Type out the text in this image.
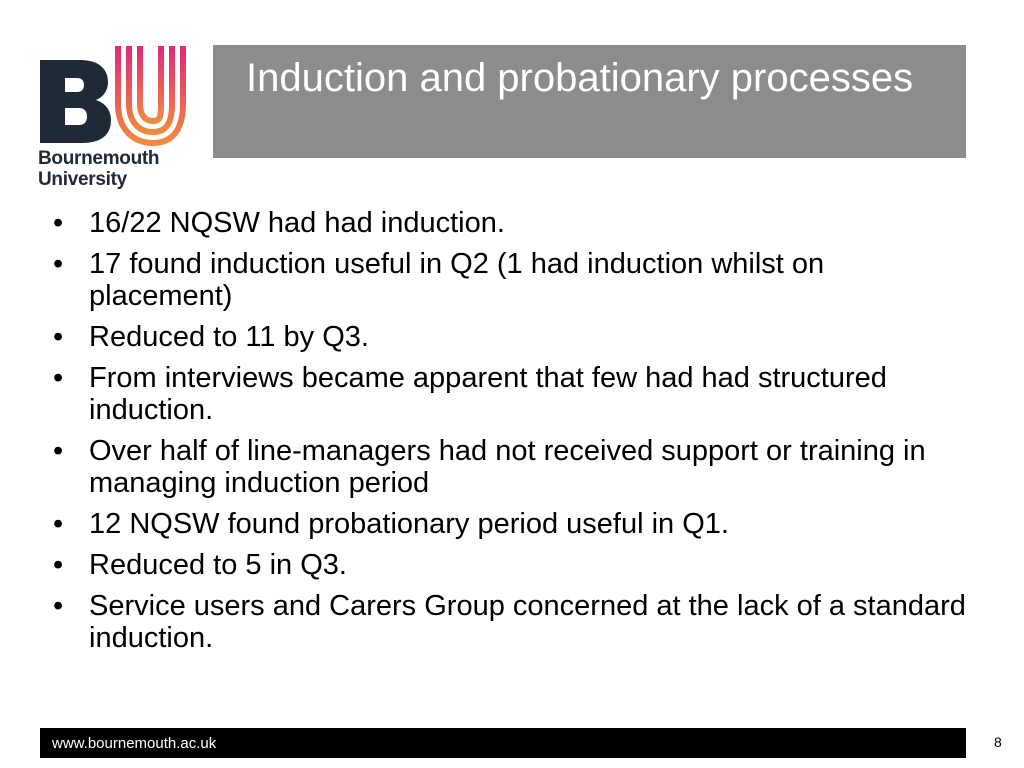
Bournemouth
University
Induction and probationary processes
• 16/22 NQSW had had induction.
• 17 found induction useful in Q2 (1 had induction whilst on placement)
• Reduced to 11 by Q3.
• From interviews became apparent that few had had structured induction.
• Over half of line-managers had not received support or training in managing induction period
• 12 NQSW found probationary period useful in Q1.
• Reduced to 5 in Q3.
• Service users and Carers Group concerned at the lack of a standard induction.
www.bournemouth.ac.uk	8
